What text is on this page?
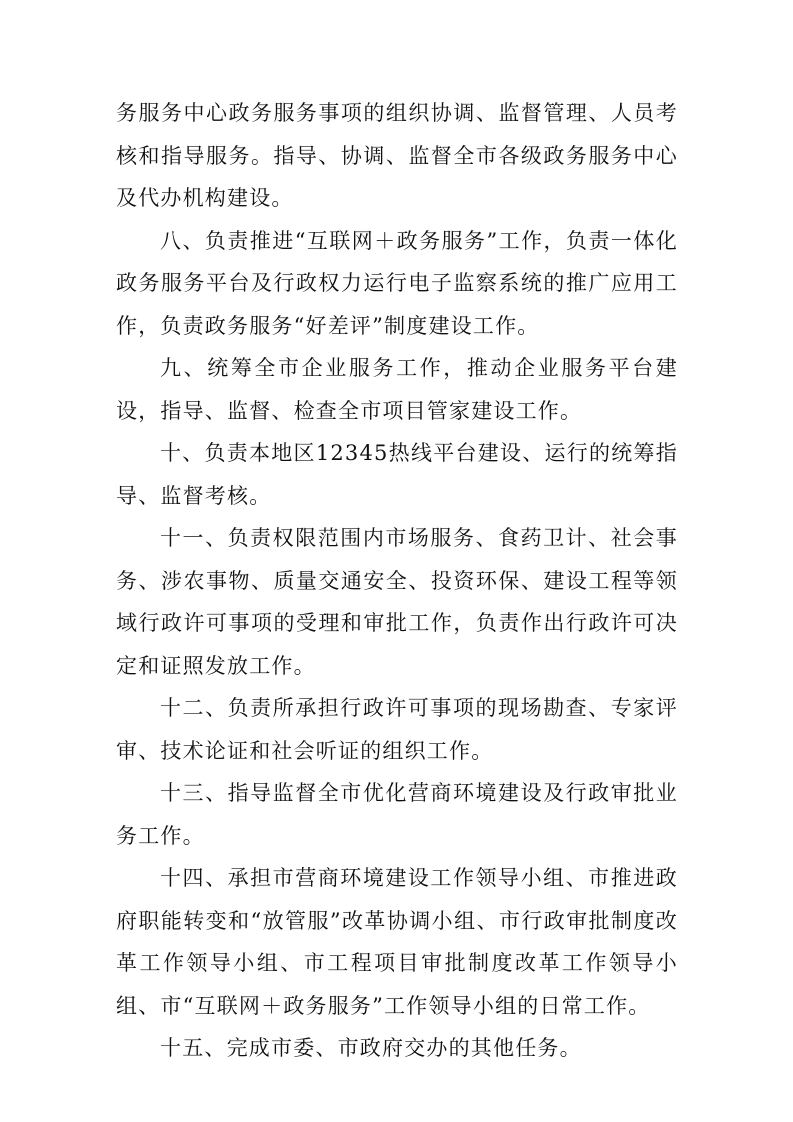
务服务中心政务服务事项的组织协调、监督管理、人员考核和指导服务。指导、协调、监督全市各级政务服务中心及代办机构建设。

八、负责推进“互联网＋政务服务”工作，负责一体化政务服务平台及行政权力运行电子监察系统的推广应用工作，负责政务服务“好差评”制度建设工作。

九、统筹全市企业服务工作，推动企业服务平台建设，指导、监督、检查全市项目管家建设工作。

十、负责本地区12345热线平台建设、运行的统筹指导、监督考核。

十一、负责权限范围内市场服务、食药卫计、社会事务、涉农事物、质量交通安全、投资环保、建设工程等领域行政许可事项的受理和审批工作，负责作出行政许可决定和证照发放工作。

十二、负责所承担行政许可事项的现场勘查、专家评审、技术论证和社会听证的组织工作。

十三、指导监督全市优化营商环境建设及行政审批业务工作。

十四、承担市营商环境建设工作领导小组、市推进政府职能转变和“放管服”改革协调小组、市行政审批制度改革工作领导小组、市工程项目审批制度改革工作领导小组、市“互联网＋政务服务”工作领导小组的日常工作。

十五、完成市委、市政府交办的其他任务。
